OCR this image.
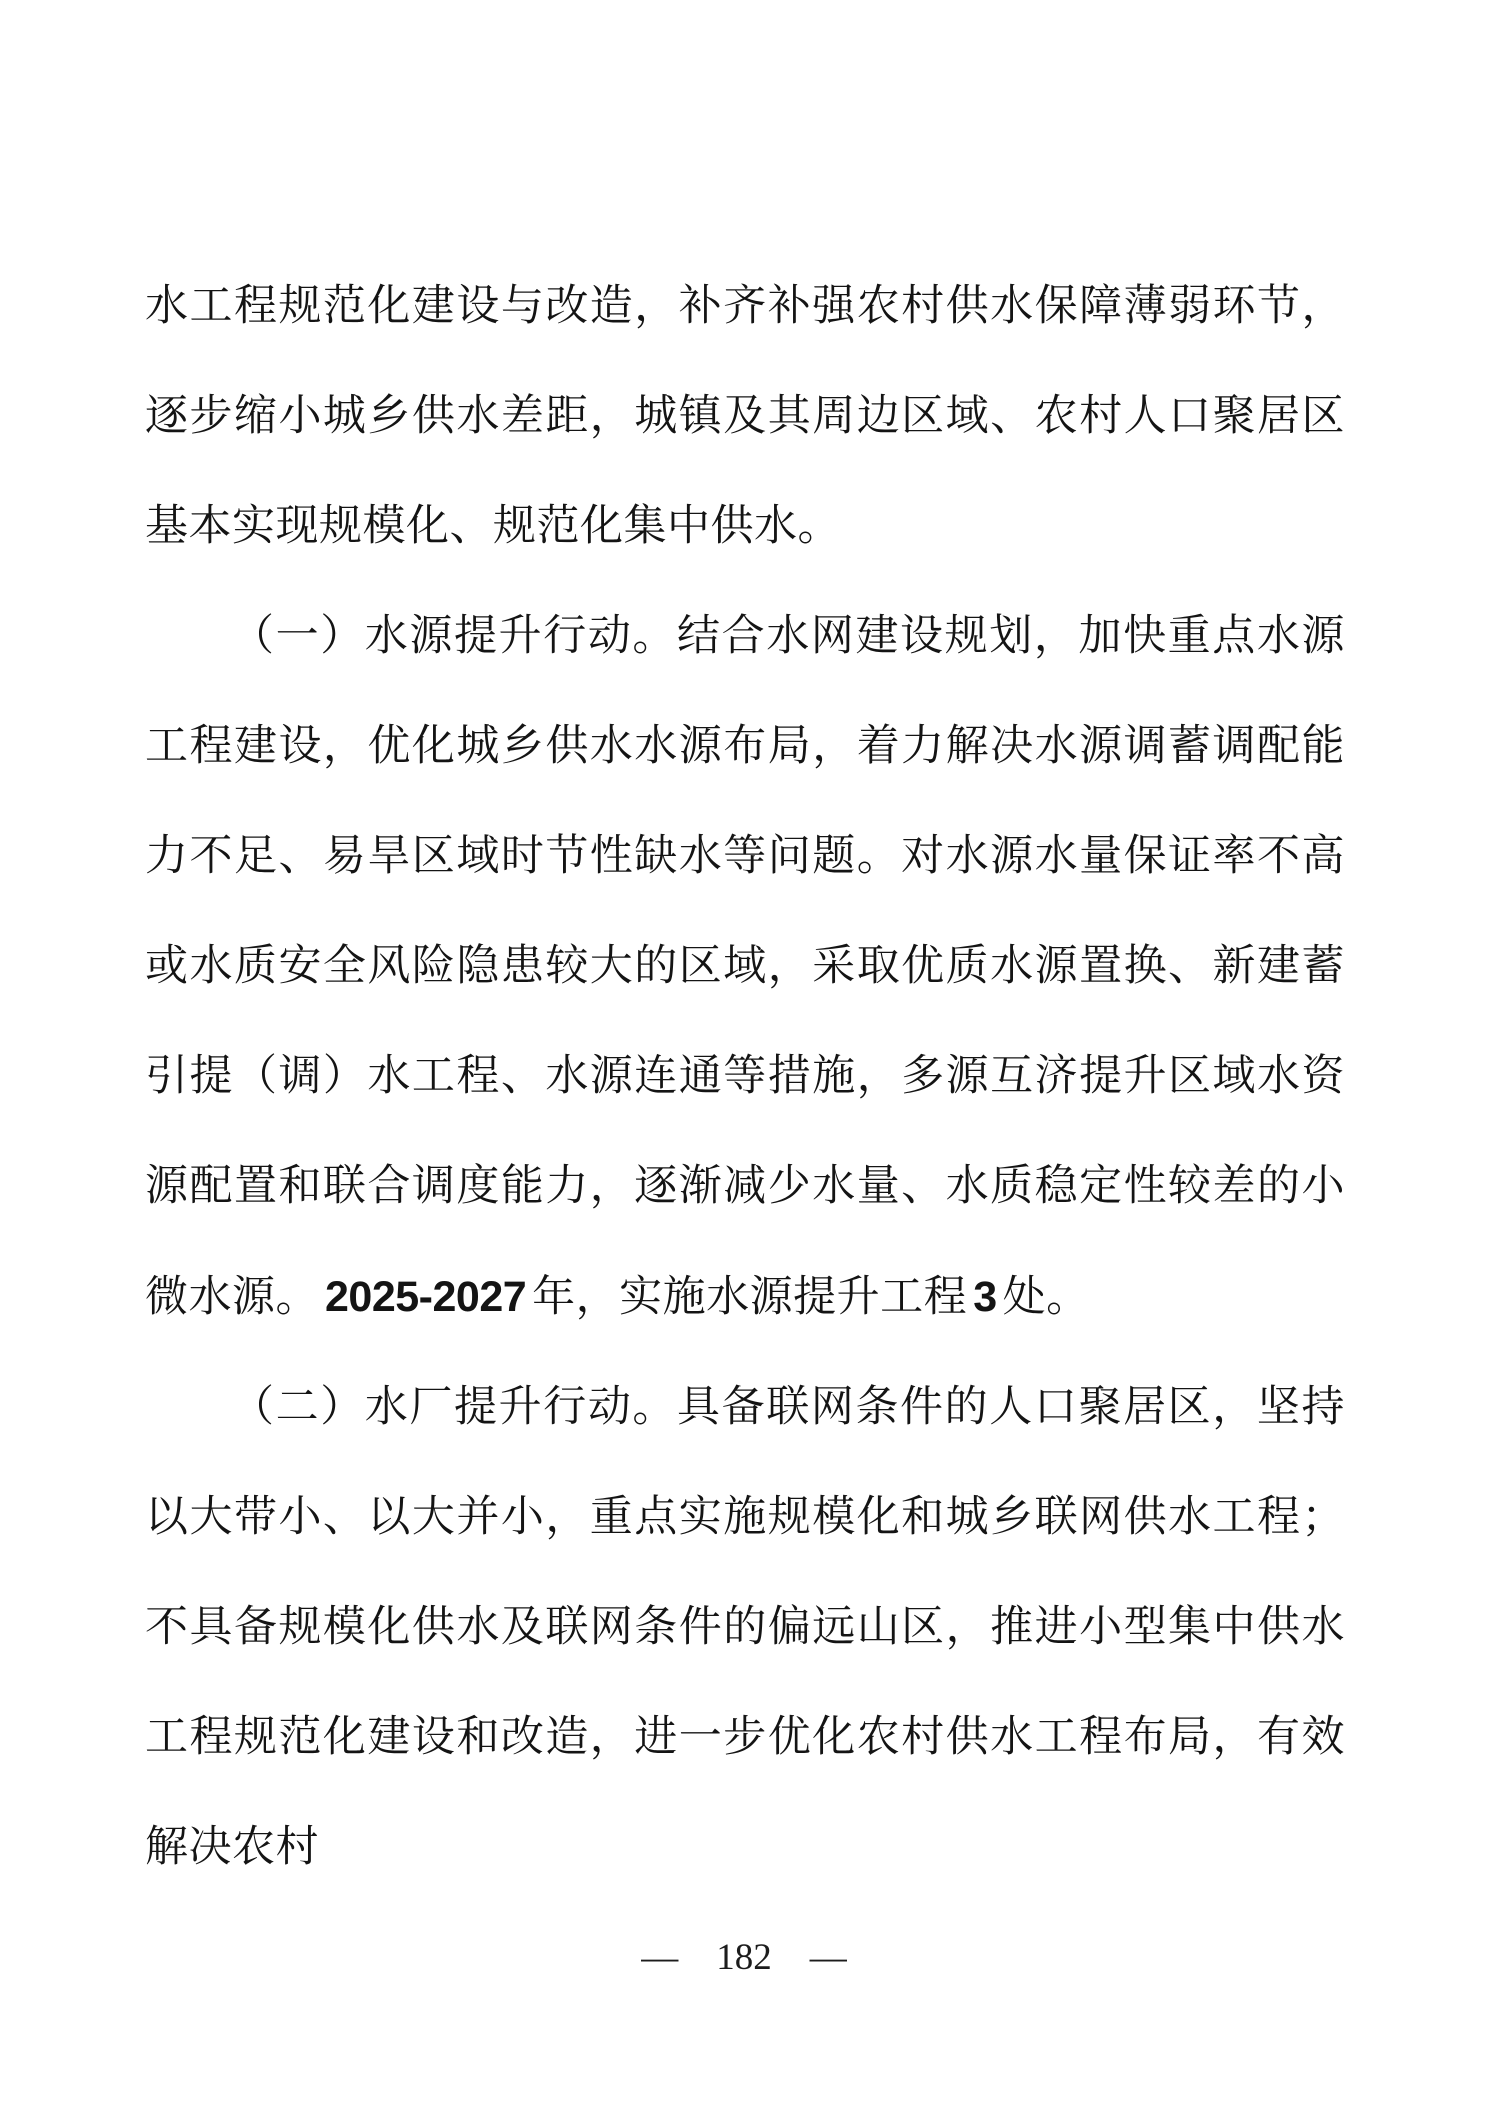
水工程规范化建设与改造，补齐补强农村供水保障薄弱环节，逐步缩小城乡供水差距，城镇及其周边区域、农村人口聚居区基本实现规模化、规范化集中供水。

（一）水源提升行动。结合水网建设规划，加快重点水源工程建设，优化城乡供水水源布局，着力解决水源调蓄调配能力不足、易旱区域时节性缺水等问题。对水源水量保证率不高或水质安全风险隐患较大的区域，采取优质水源置换、新建蓄引提（调）水工程、水源连通等措施，多源互济提升区域水资源配置和联合调度能力，逐渐减少水量、水质稳定性较差的小微水源。 2025-2027 年，实施水源提升工程 3 处。

（二）水厂提升行动。具备联网条件的人口聚居区，坚持以大带小、以大并小，重点实施规模化和城乡联网供水工程；不具备规模化供水及联网条件的偏远山区，推进小型集中供水工程规范化建设和改造，进一步优化农村供水工程布局，有效解决农村

— 182 —
